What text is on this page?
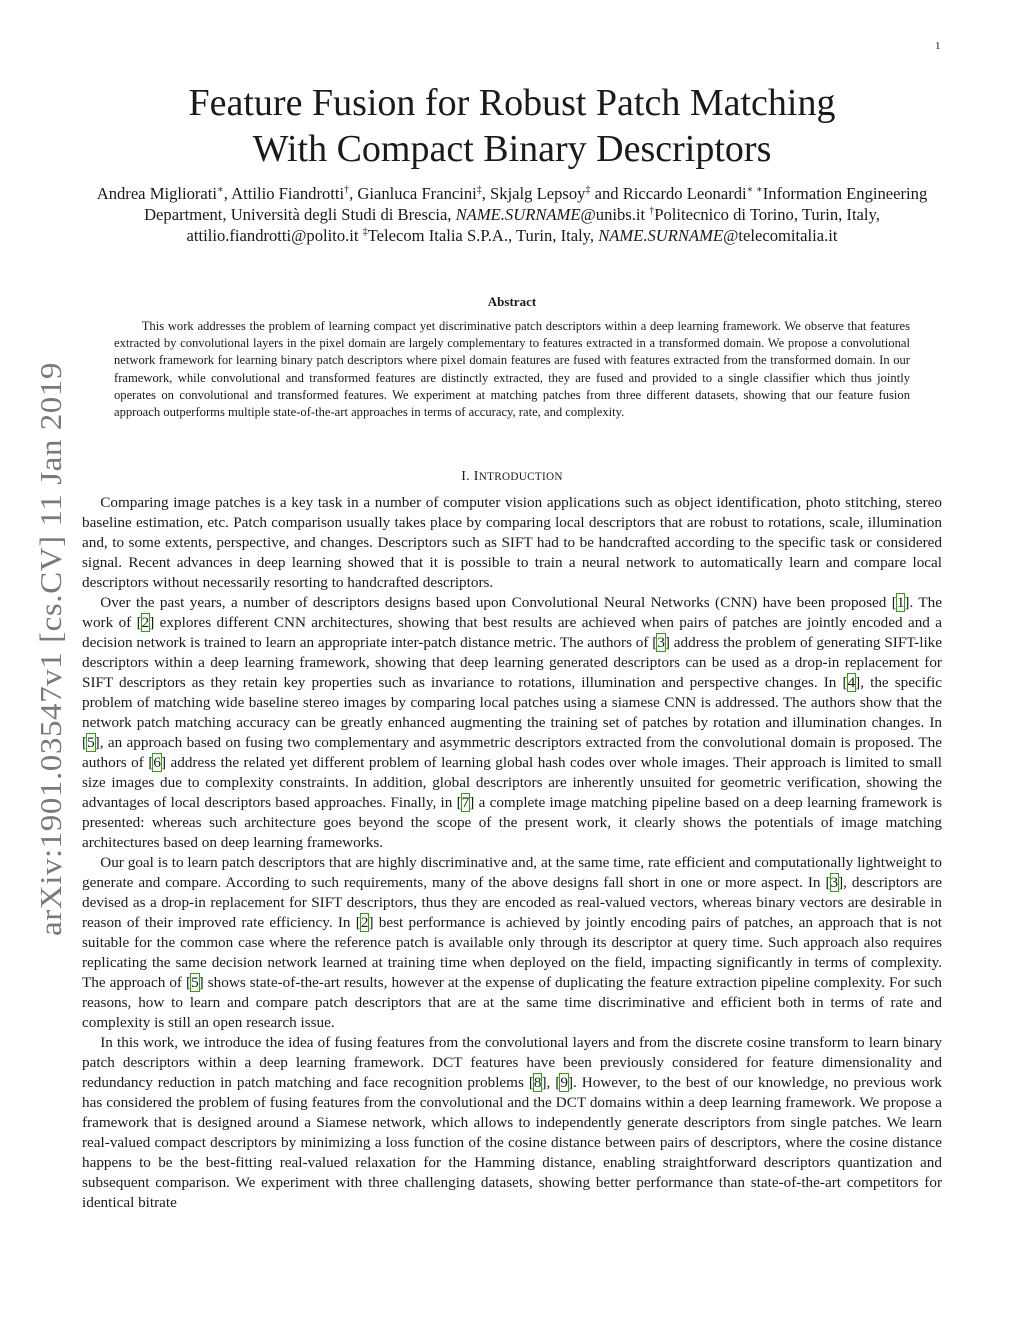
1
arXiv:1901.03547v1 [cs.CV] 11 Jan 2019
Feature Fusion for Robust Patch Matching
With Compact Binary Descriptors
Andrea Migliorati∗, Attilio Fiandrotti†, Gianluca Francini‡, Skjalg Lepsoy‡ and Riccardo Leonardi∗ ∗Information Engineering Department, Università degli Studi di Brescia, NAME.SURNAME@unibs.it †Politecnico di Torino, Turin, Italy, attilio.fiandrotti@polito.it ‡Telecom Italia S.P.A., Turin, Italy, NAME.SURNAME@telecomitalia.it
Abstract

This work addresses the problem of learning compact yet discriminative patch descriptors within a deep learning framework. We observe that features extracted by convolutional layers in the pixel domain are largely complementary to features extracted in a transformed domain. We propose a convolutional network framework for learning binary patch descriptors where pixel domain features are fused with features extracted from the transformed domain. In our framework, while convolutional and transformed features are distinctly extracted, they are fused and provided to a single classifier which thus jointly operates on convolutional and transformed features. We experiment at matching patches from three different datasets, showing that our feature fusion approach outperforms multiple state-of-the-art approaches in terms of accuracy, rate, and complexity.

I. INTRODUCTION

Comparing image patches is a key task in a number of computer vision applications such as object identification, photo stitching, stereo baseline estimation, etc. Patch comparison usually takes place by comparing local descriptors that are robust to rotations, scale, illumination and, to some extents, perspective, and changes. Descriptors such as SIFT had to be handcrafted according to the specific task or considered signal. Recent advances in deep learning showed that it is possible to train a neural network to automatically learn and compare local descriptors without necessarily resorting to handcrafted descriptors.

Over the past years, a number of descriptors designs based upon Convolutional Neural Networks (CNN) have been proposed [1]. The work of [2] explores different CNN architectures, showing that best results are achieved when pairs of patches are jointly encoded and a decision network is trained to learn an appropriate inter-patch distance metric. The authors of [3] address the problem of generating SIFT-like descriptors within a deep learning framework, showing that deep learning generated descriptors can be used as a drop-in replacement for SIFT descriptors as they retain key properties such as invariance to rotations, illumination and perspective changes. In [4], the specific problem of matching wide baseline stereo images by comparing local patches using a siamese CNN is addressed. The authors show that the network patch matching accuracy can be greatly enhanced augmenting the training set of patches by rotation and illumination changes. In [5], an approach based on fusing two complementary and asymmetric descriptors extracted from the convolutional domain is proposed. The authors of [6] address the related yet different problem of learning global hash codes over whole images. Their approach is limited to small size images due to complexity constraints. In addition, global descriptors are inherently unsuited for geometric verification, showing the advantages of local descriptors based approaches. Finally, in [7] a complete image matching pipeline based on a deep learning framework is presented: whereas such architecture goes beyond the scope of the present work, it clearly shows the potentials of image matching architectures based on deep learning frameworks.

Our goal is to learn patch descriptors that are highly discriminative and, at the same time, rate efficient and computationally lightweight to generate and compare. According to such requirements, many of the above designs fall short in one or more aspect. In [3], descriptors are devised as a drop-in replacement for SIFT descriptors, thus they are encoded as real-valued vectors, whereas binary vectors are desirable in reason of their improved rate efficiency. In [2] best performance is achieved by jointly encoding pairs of patches, an approach that is not suitable for the common case where the reference patch is available only through its descriptor at query time. Such approach also requires replicating the same decision network learned at training time when deployed on the field, impacting significantly in terms of complexity. The approach of [5] shows state-of-the-art results, however at the expense of duplicating the feature extraction pipeline complexity. For such reasons, how to learn and compare patch descriptors that are at the same time discriminative and efficient both in terms of rate and complexity is still an open research issue.

In this work, we introduce the idea of fusing features from the convolutional layers and from the discrete cosine transform to learn binary patch descriptors within a deep learning framework. DCT features have been previously considered for feature dimensionality and redundancy reduction in patch matching and face recognition problems [8], [9]. However, to the best of our knowledge, no previous work has considered the problem of fusing features from the convolutional and the DCT domains within a deep learning framework. We propose a framework that is designed around a Siamese network, which allows to independently generate descriptors from single patches. We learn real-valued compact descriptors by minimizing a loss function of the cosine distance between pairs of descriptors, where the cosine distance happens to be the best-fitting real-valued relaxation for the Hamming distance, enabling straightforward descriptors quantization and subsequent comparison. We experiment with three challenging datasets, showing better performance than state-of-the-art competitors for identical bitrate
